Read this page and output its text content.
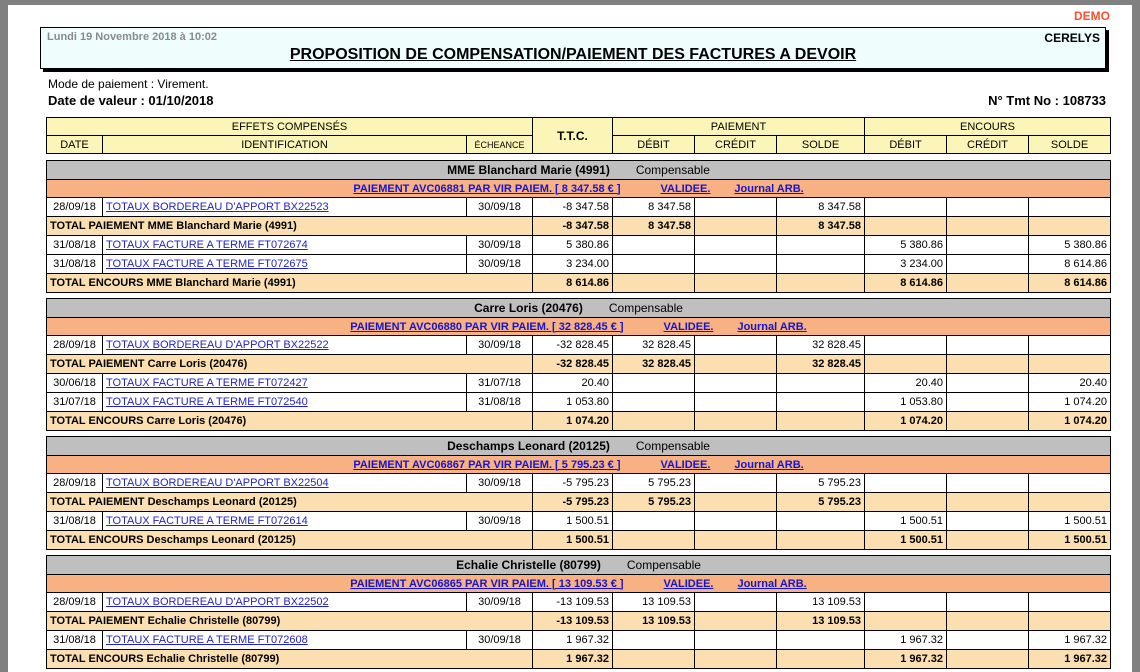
DEMO
Lundi 19 Novembre 2018 à 10:02	CERELYS
PROPOSITION DE COMPENSATION/PAIEMENT DES FACTURES A DEVOIR
Mode de paiement : Virement.
Date de valeur : 01/10/2018	N° Tmt No : 108733
EFFETS COMPENSÉS			T.T.C.	PAIEMENT			ENCOURS		
DATE	IDENTIFICATION	ÉCHEANCE		DÉBIT	CRÉDIT	SOLDE	DÉBIT	CRÉDIT	SOLDE

MME Blanchard Marie (4991) Compensable									
PAIEMENT AVC06881 PAR VIR PAIEM. [ 8 347.58 € ] VALIDEE. Journal ARB.									
28/09/18	TOTAUX BORDEREAU D'APPORT BX22523	30/09/18	-8 347.58	8 347.58		8 347.58			
TOTAL PAIEMENT MME Blanchard Marie (4991)			-8 347.58	8 347.58		8 347.58			
31/08/18	TOTAUX FACTURE A TERME FT072674	30/09/18	5 380.86				5 380.86		5 380.86
31/08/18	TOTAUX FACTURE A TERME FT072675	30/09/18	3 234.00				3 234.00		8 614.86
TOTAL ENCOURS MME Blanchard Marie (4991)			8 614.86				8 614.86		8 614.86

Carre Loris (20476) Compensable									
PAIEMENT AVC06880 PAR VIR PAIEM. [ 32 828.45 € ] VALIDEE. Journal ARB.									
28/09/18	TOTAUX BORDEREAU D'APPORT BX22522	30/09/18	-32 828.45	32 828.45		32 828.45			
TOTAL PAIEMENT Carre Loris (20476)			-32 828.45	32 828.45		32 828.45			
30/06/18	TOTAUX FACTURE A TERME FT072427	31/07/18	20.40				20.40		20.40
31/07/18	TOTAUX FACTURE A TERME FT072540	31/08/18	1 053.80				1 053.80		1 074.20
TOTAL ENCOURS Carre Loris (20476)			1 074.20				1 074.20		1 074.20

Deschamps Leonard (20125) Compensable									
PAIEMENT AVC06867 PAR VIR PAIEM. [ 5 795.23 € ] VALIDEE. Journal ARB.									
28/09/18	TOTAUX BORDEREAU D'APPORT BX22504	30/09/18	-5 795.23	5 795.23		5 795.23			
TOTAL PAIEMENT Deschamps Leonard (20125)			-5 795.23	5 795.23		5 795.23			
31/08/18	TOTAUX FACTURE A TERME FT072614	30/09/18	1 500.51				1 500.51		1 500.51
TOTAL ENCOURS Deschamps Leonard (20125)			1 500.51				1 500.51		1 500.51

Echalie Christelle (80799) Compensable									
PAIEMENT AVC06865 PAR VIR PAIEM. [ 13 109.53 € ] VALIDEE. Journal ARB.									
28/09/18	TOTAUX BORDEREAU D'APPORT BX22502	30/09/18	-13 109.53	13 109.53		13 109.53			
TOTAL PAIEMENT Echalie Christelle (80799)			-13 109.53	13 109.53		13 109.53			
31/08/18	TOTAUX FACTURE A TERME FT072608	30/09/18	1 967.32				1 967.32		1 967.32
TOTAL ENCOURS Echalie Christelle (80799)			1 967.32				1 967.32		1 967.32
